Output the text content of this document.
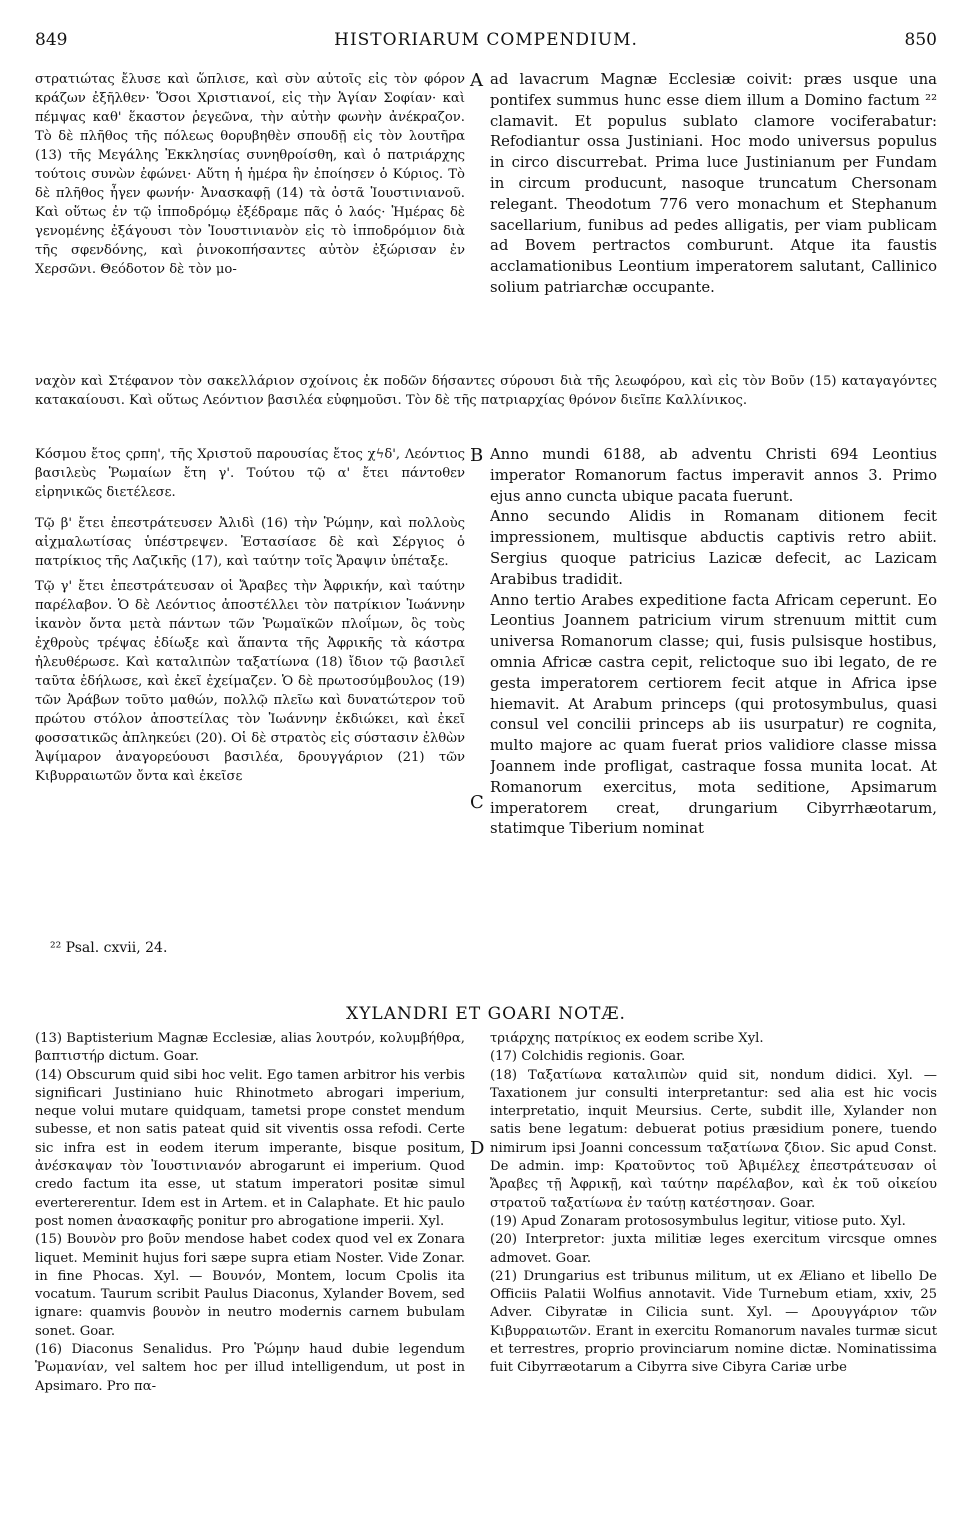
849	HISTORIARUM COMPENDIUM.	850

στρατιώτας ἔλυσε καὶ ὥπλισε, καὶ σὺν αὐτοῖς εἰς τὸν φόρον κράζων ἐξῆλθεν· Ὅσοι Χριστιανοί, εἰς τὴν Ἁγίαν Σοφίαν· καὶ πέμψας καθ' ἕκαστον ῥεγεῶνα, τὴν αὐτὴν φωνὴν ἀνέκραζον. Τὸ δὲ πλῆθος τῆς πόλεως θορυβηθὲν σπουδῇ εἰς τὸν λουτῆρα (13) τῆς Μεγάλης Ἐκκλησίας συνηθροίσθη, καὶ ὁ πατριάρχης τούτοις συνὼν ἐφώνει· Αὕτη ἡ ἡμέρα ἣν ἐποίησεν ὁ Κύριος. Τὸ δὲ πλῆθος ἦγεν φωνήν· Ἀνασκαφῇ (14) τὰ ὀστᾶ Ἰουστινιανοῦ. Καὶ οὕτως ἐν τῷ ἱπποδρόμῳ ἐξέδραμε πᾶς ὁ λαός· Ἡμέρας δὲ γενομένης ἐξάγουσι τὸν Ἰουστινιανὸν εἰς τὸ ἱπποδρόμιον διὰ τῆς σφενδόνης, καὶ ῥινοκοπήσαντες αὐτὸν ἐξώρισαν ἐν Χερσῶνι. Θεόδοτον δὲ τὸν μο-

A ad lavacrum Magnæ Ecclesiæ coivit: præs usque una pontifex summus hunc esse diem illum a Domino factum ²² clamavit. Et populus sublato clamore vociferabatur: Refodiantur ossa Justiniani. Hoc modo universus populus in circo discurrebat. Prima luce Justinianum per Fundam in circum producunt, nasoque truncatum Chersonam relegant. Theodotum 776 vero monachum et Stephanum sacellarium, funibus ad pedes alligatis, per viam publicam ad Bovem pertractos comburunt. Atque ita faustis acclamationibus Leontium imperatorem salutant, Callinico solium patriarchæ occupante.

ναχὸν καὶ Στέφανον τὸν σακελλάριον σχοίνοις ἐκ ποδῶν δήσαντες σύρουσι διὰ τῆς λεωφόρου, καὶ εἰς τὸν Βοῦν (15) καταγαγόντες κατακαίουσι. Καὶ οὕτως Λεόντιον βασιλέα εὐφημοῦσι. Τὸν δὲ τῆς πατριαρχίας θρόνον διεῖπε Καλλίνικος.

Κόσμου ἔτος ςρπη', τῆς Χριστοῦ παρουσίας ἔτος χϟδ', Λεόντιος βασιλεὺς Ῥωμαίων ἔτη γ'. Τούτου τῷ α' ἔτει πάντοθεν εἰρηνικῶς διετέλεσε.

Τῷ β' ἔτει ἐπεστράτευσεν Ἀλιδὶ (16) τὴν Ῥώμην, καὶ πολλοὺς αἰχμαλωτίσας ὑπέστρεψεν. Ἐστασίασε δὲ καὶ Σέργιος ὁ πατρίκιος τῆς Λαζικῆς (17), καὶ ταύτην τοῖς Ἄραψιν ὑπέταξε.

Τῷ γ' ἔτει ἐπεστράτευσαν οἱ Ἄραβες τὴν Ἀφρικήν, καὶ ταύτην παρέλαβον. Ὁ δὲ Λεόντιος ἀποστέλλει τὸν πατρίκιον Ἰωάννην ἱκανὸν ὄντα μετὰ πάντων τῶν Ῥωμαϊκῶν πλοΐμων, ὃς τοὺς ἐχθροὺς τρέψας ἐδίωξε καὶ ἅπαντα τῆς Ἀφρικῆς τὰ κάστρα ἠλευθέρωσε. Καὶ καταλιπὼν ταξατίωνα (18) ἴδιον τῷ βασιλεῖ ταῦτα ἐδήλωσε, καὶ ἐκεῖ ἐχείμαζεν. Ὁ δὲ πρωτοσύμβουλος (19) τῶν Ἀράβων τοῦτο μαθών, πολλῷ πλεῖω καὶ δυνατώτερον τοῦ πρώτου στόλον ἀποστείλας τὸν Ἰωάννην ἐκδιώκει, καὶ ἐκεῖ φοσσατικῶς ἀπληκεύει (20). Οἱ δὲ στρατὸς εἰς σύστασιν ἐλθὼν Ἀψίμαρον ἀναγορεύουσι βασιλέα, δρουγγάριον (21) τῶν Κιβυρραιωτῶν ὄντα καὶ ἐκεῖσε

B
C

Anno mundi 6188, ab adventu Christi 694 Leontius imperator Romanorum factus imperavit annos 3. Primo ejus anno cuncta ubique pacata fuerunt.

Anno secundo Alidis in Romanam ditionem fecit impressionem, multisque abductis captivis retro abiit. Sergius quoque patricius Lazicæ defecit, ac Lazicam Arabibus tradidit.

Anno tertio Arabes expeditione facta Africam ceperunt. Eo Leontius Joannem patricium virum strenuum mittit cum universa Romanorum classe; qui, fusis pulsisque hostibus, omnia Africæ castra cepit, relictoque suo ibi legato, de re gesta imperatorem certiorem fecit atque in Africa ipse hiemavit. At Arabum princeps (qui protosymbulus, quasi consul vel concilii princeps ab iis usurpatur) re cognita, multo majore ac quam fuerat prios validiore classe missa Joannem inde profligat, castraque fossa munita locat. At Romanorum exercitus, mota seditione, Apsimarum imperatorem creat, drungarium Cibyrrhæotarum, statimque Tiberium nominat

²² Psal. cxvii, 24.
XYLANDRI ET GOARI NOTÆ.

(13) Baptisterium Magnæ Ecclesiæ, alias λουτρόν, κολυμβήθρα, βαπτιστήρ dictum. Goar.

(14) Obscurum quid sibi hoc velit. Ego tamen arbitror his verbis significari Justiniano huic Rhinotmeto abrogari imperium, neque volui mutare quidquam, tametsi prope constet mendum subesse, et non satis pateat quid sit viventis ossa refodi. Certe sic infra est in eodem iterum imperante, bisque positum, ἀνέσκαψαν τὸν Ἰουστινιανόν abrogarunt ei imperium. Quod credo factum ita esse, ut statum imperatori positæ simul evertererentur. Idem est in Artem. et in Calaphate. Et hic paulo post nomen ἀνασκαφῆς ponitur pro abrogatione imperii. Xyl.

(15) Βουνὸν pro βοῦν mendose habet codex quod vel ex Zonara liquet. Meminit hujus fori sæpe supra etiam Noster. Vide Zonar. in fine Phocas. Xyl. — Βουνόν, Montem, locum Cpolis ita vocatum. Taurum scribit Paulus Diaconus, Xylander Bovem, sed ignare: quamvis βουνὸν in neutro modernis carnem bubulam sonet. Goar.

(16) Diaconus Senalidus. Pro Ῥώμην haud dubie legendum Ῥωμανίαν, vel saltem hoc per illud intelligendum, ut post in Apsimaro. Pro πα-

D

τριάρχης πατρίκιος ex eodem scribe Xyl.

(17) Colchidis regionis. Goar.

(18) Ταξατίωνα καταλιπὼν quid sit, nondum didici. Xyl. — Taxationem jur consulti interpretantur: sed alia est hic vocis interpretatio, inquit Meursius. Certe, subdit ille, Xylander non satis bene legatum: debuerat potius præsidium ponere, tuendo nimirum ipsi Joanni concessum ταξατίωνα ζδιον. Sic apud Const. De admin. imp: Κρατοῦντος τοῦ Ἀβιμέλεχ ἐπεστράτευσαν οἱ Ἄραβες τῇ Ἀφρικῇ, καὶ ταύτην παρέλαβον, καὶ ἐκ τοῦ οἰκείου στρατοῦ ταξατίωνα ἐν ταύτῃ κατέστησαν. Goar.

(19) Apud Zonaram protososymbulus legitur, vitiose puto. Xyl.

(20) Interpretor: juxta militiæ leges exercitum vircsque omnes admovet. Goar.

(21) Drungarius est tribunus militum, ut ex Æliano et libello De Officiis Palatii Wolfius annotavit. Vide Turnebum etiam, xxiv, 25 Adver. Cibyratæ in Cilicia sunt. Xyl. — Δρουγγάριον τῶν Κιβυρραιωτῶν. Erant in exercitu Romanorum navales turmæ sicut et terrestres, proprio provinciarum nomine dictæ. Nominatissima fuit Cibyrræotarum a Cibyrra sive Cibyra Cariæ urbe
